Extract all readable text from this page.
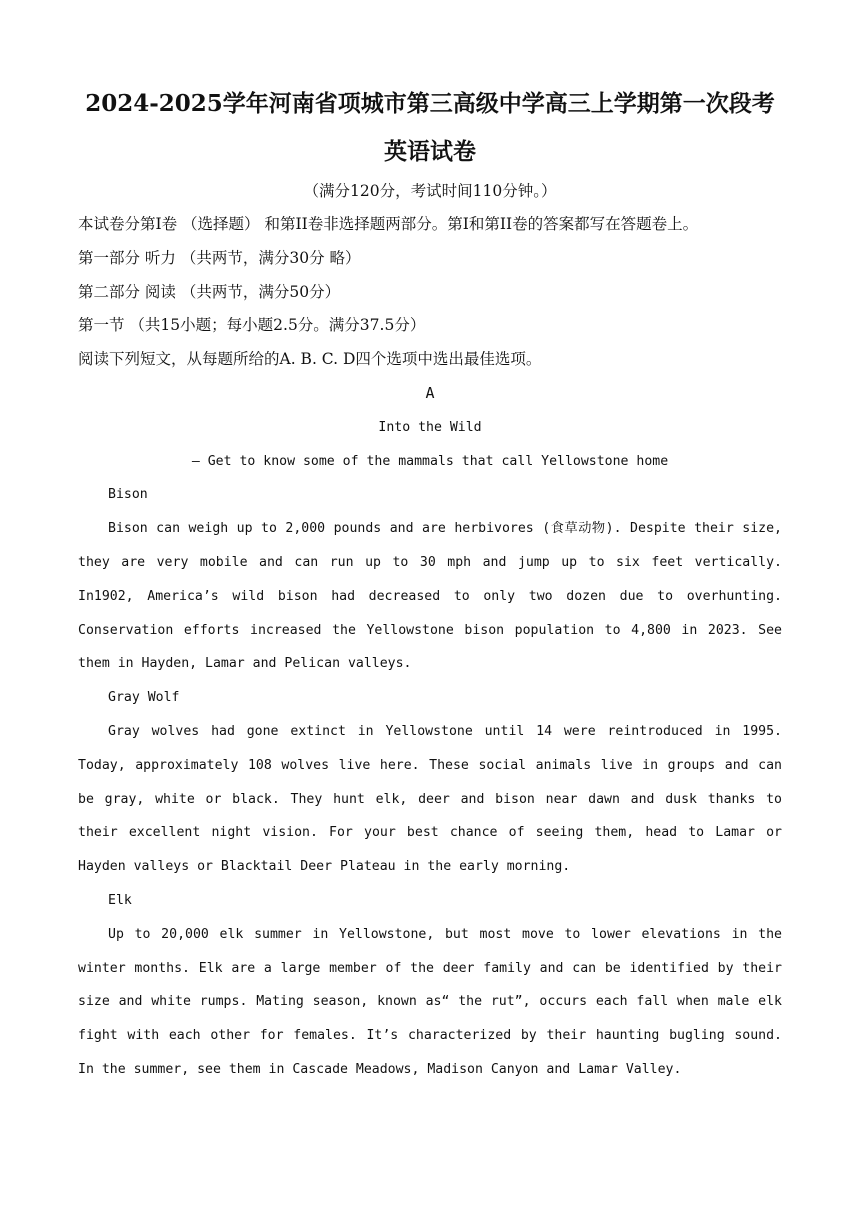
2024-2025学年河南省项城市第三高级中学高三上学期第一次段考
英语试卷

（满分120分，考试时间110分钟。）

本试卷分第Ⅰ卷 （选择题） 和第II卷非选择题两部分。第Ⅰ和第II卷的答案都写在答题卷上。

第一部分 听力 （共两节，满分30分 略）

第二部分 阅读 （共两节，满分50分）

第一节 （共15小题；每小题2.5分。满分37.5分）

阅读下列短文，从每题所给的A. B. C. D四个选项中选出最佳选项。

A

Into the Wild

— Get to know some of the mammals that call Yellowstone home

Bison

Bison can weigh up to 2,000 pounds and are herbivores (食草动物). Despite their size, they are very mobile and can run up to 30 mph and jump up to six feet vertically. In1902, America’s wild bison had decreased to only two dozen due to overhunting. Conservation efforts increased the Yellowstone bison population to 4,800 in 2023. See them in Hayden, Lamar and Pelican valleys.

Gray Wolf

Gray wolves had gone extinct in Yellowstone until 14 were reintroduced in 1995. Today, approximately 108 wolves live here. These social animals live in groups and can be gray, white or black. They hunt elk, deer and bison near dawn and dusk thanks to their excellent night vision. For your best chance of seeing them, head to Lamar or Hayden valleys or Blacktail Deer Plateau in the early morning.

Elk

Up to 20,000 elk summer in Yellowstone, but most move to lower elevations in the winter months. Elk are a large member of the deer family and can be identified by their size and white rumps. Mating season, known as“ the rut”, occurs each fall when male elk fight with each other for females. It’s characterized by their haunting bugling sound. In the summer, see them in Cascade Meadows, Madison Canyon and Lamar Valley.
